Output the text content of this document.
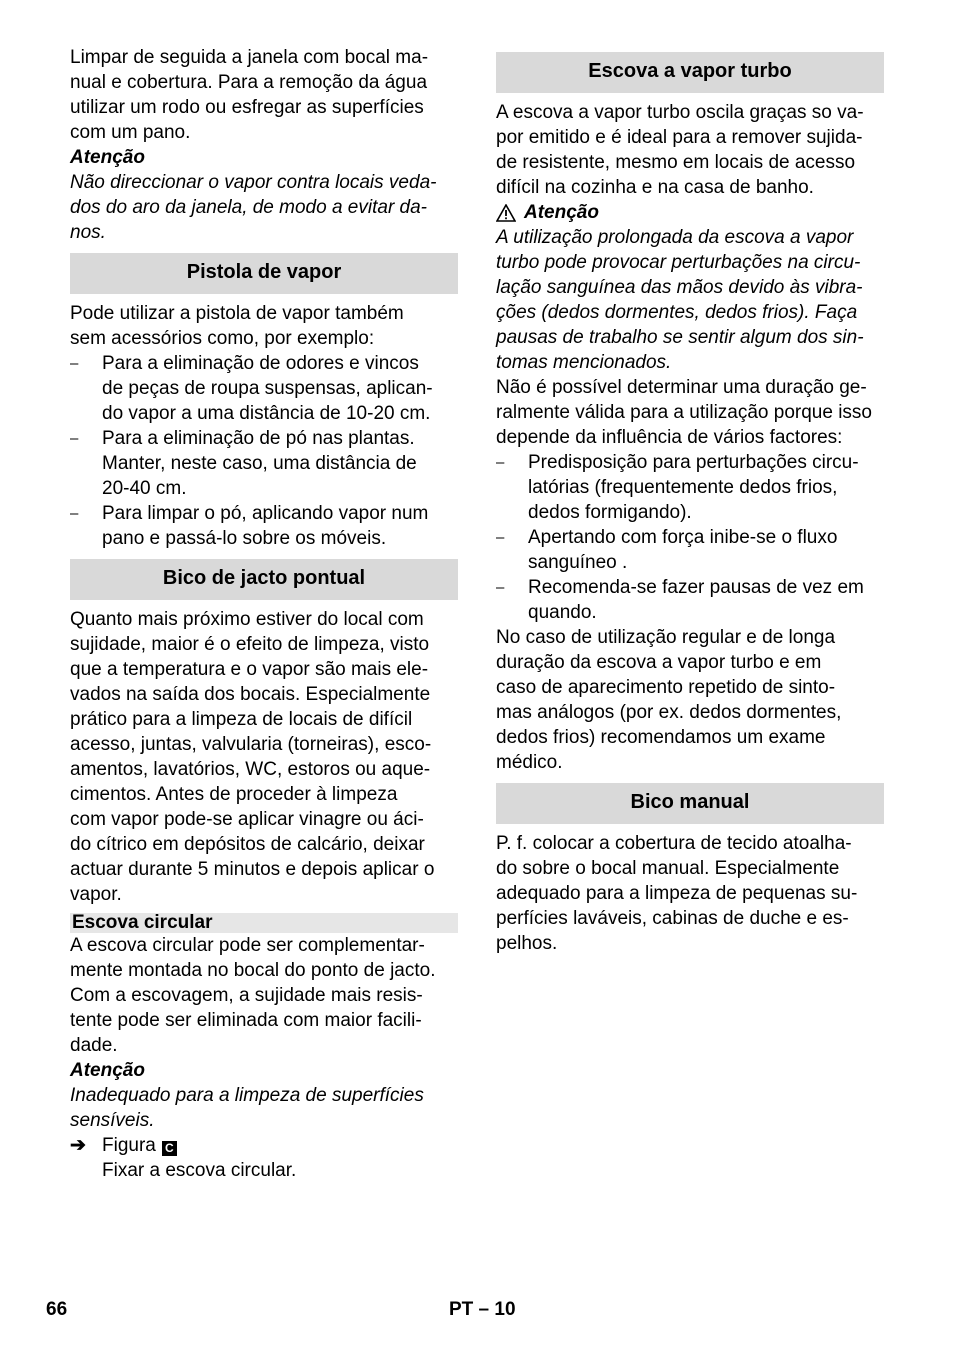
Limpar de seguida a janela com bocal ma-
nual e cobertura. Para a remoção da água
utilizar um rodo ou esfregar as superfícies
com um pano.

Atenção

Não direccionar o vapor contra locais veda-
dos do aro da janela, de modo a evitar da-
nos.

Pistola de vapor

Pode utilizar a pistola de vapor também
sem acessórios como, por exemplo:

– Para a eliminação de odores e vincos
de peças de roupa suspensas, aplican-
do vapor a uma distância de 10-20 cm.
– Para a eliminação de pó nas plantas.
Manter, neste caso, uma distância de
20-40 cm.
– Para limpar o pó, aplicando vapor num
pano e passá-lo sobre os móveis.
Bico de jacto pontual

Quanto mais próximo estiver do local com
sujidade, maior é o efeito de limpeza, visto
que a temperatura e o vapor são mais ele-
vados na saída dos bocais. Especialmente
prático para a limpeza de locais de difícil
acesso, juntas, valvularia (torneiras), esco-
amentos, lavatórios, WC, estoros ou aque-
cimentos. Antes de proceder à limpeza
com vapor pode-se aplicar vinagre ou áci-
do cítrico em depósitos de calcário, deixar
actuar durante 5 minutos e depois aplicar o
vapor.

Escova circular

A escova circular pode ser complementar-
mente montada no bocal do ponto de jacto.
Com a escovagem, a sujidade mais resis-
tente pode ser eliminada com maior facili-
dade.

Atenção

Inadequado para a limpeza de superfícies
sensíveis.

➔ Figura C
Fixar a escova circular.
Escova a vapor turbo

A escova a vapor turbo oscila graças so va-
por emitido e é ideal para a remover sujida-
de resistente, mesmo em locais de acesso
difícil na cozinha e na casa de banho.

Atenção

A utilização prolongada da escova a vapor
turbo pode provocar perturbações na circu-
lação sanguínea das mãos devido às vibra-
ções (dedos dormentes, dedos frios). Faça
pausas de trabalho se sentir algum dos sin-
tomas mencionados.

Não é possível determinar uma duração ge-
ralmente válida para a utilização porque isso
depende da influência de vários factores:

– Predisposição para perturbações circu-
latórias (frequentemente dedos frios,
dedos formigando).
– Apertando com força inibe-se o fluxo
sanguíneo .
– Recomenda-se fazer pausas de vez em
quando.

No caso de utilização regular e de longa
duração da escova a vapor turbo e em
caso de aparecimento repetido de sinto-
mas análogos (por ex. dedos dormentes,
dedos frios) recomendamos um exame
médico.

Bico manual

P. f. colocar a cobertura de tecido atoalha-
do sobre o bocal manual. Especialmente
adequado para a limpeza de pequenas su-
perfícies laváveis, cabinas de duche e es-
pelhos.

66	PT – 10
